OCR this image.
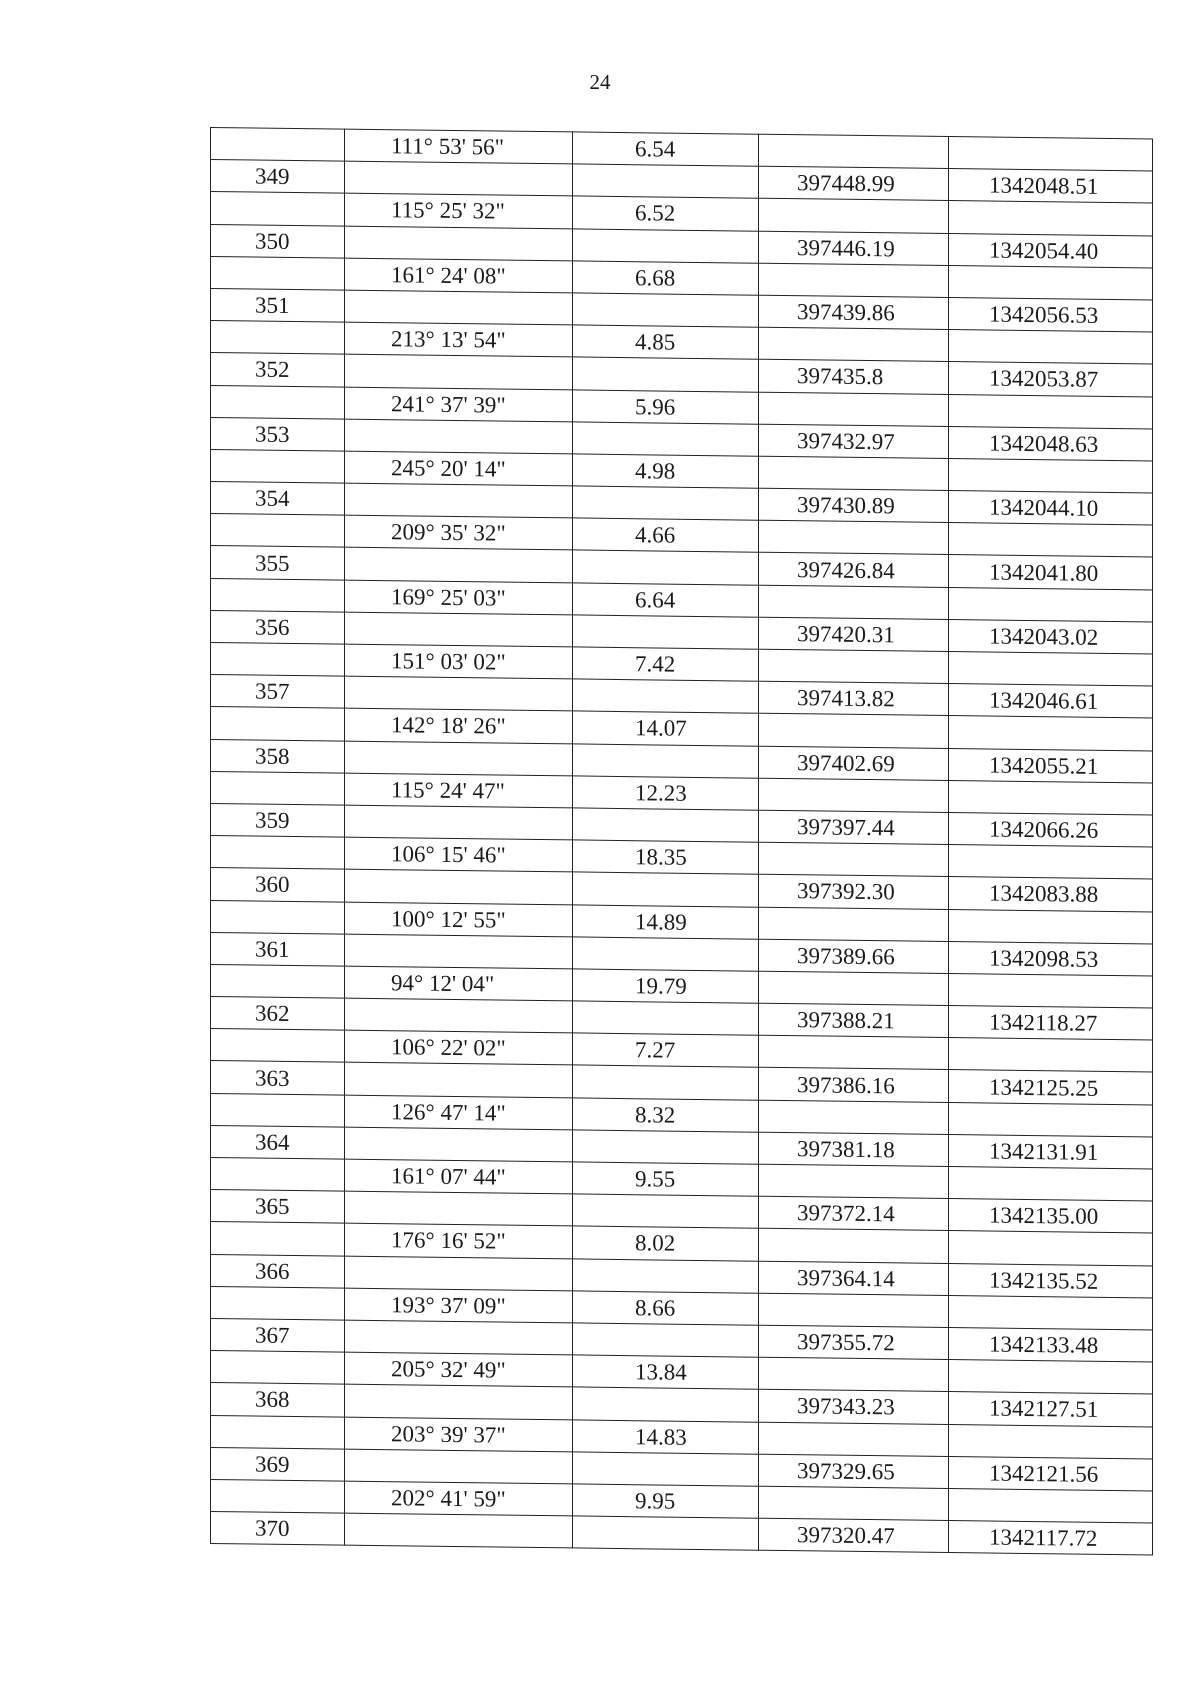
24
	111° 53' 56"	6.54		
349			397448.99	1342048.51
	115° 25' 32"	6.52		
350			397446.19	1342054.40
	161° 24' 08"	6.68		
351			397439.86	1342056.53
	213° 13' 54"	4.85		
352			397435.8	1342053.87
	241° 37' 39"	5.96		
353			397432.97	1342048.63
	245° 20' 14"	4.98		
354			397430.89	1342044.10
	209° 35' 32"	4.66		
355			397426.84	1342041.80
	169° 25' 03"	6.64		
356			397420.31	1342043.02
	151° 03' 02"	7.42		
357			397413.82	1342046.61
	142° 18' 26"	14.07		
358			397402.69	1342055.21
	115° 24' 47"	12.23		
359			397397.44	1342066.26
	106° 15' 46"	18.35		
360			397392.30	1342083.88
	100° 12' 55"	14.89		
361			397389.66	1342098.53
	94° 12' 04"	19.79		
362			397388.21	1342118.27
	106° 22' 02"	7.27		
363			397386.16	1342125.25
	126° 47' 14"	8.32		
364			397381.18	1342131.91
	161° 07' 44"	9.55		
365			397372.14	1342135.00
	176° 16' 52"	8.02		
366			397364.14	1342135.52
	193° 37' 09"	8.66		
367			397355.72	1342133.48
	205° 32' 49"	13.84		
368			397343.23	1342127.51
	203° 39' 37"	14.83		
369			397329.65	1342121.56
	202° 41' 59"	9.95		
370			397320.47	1342117.72
